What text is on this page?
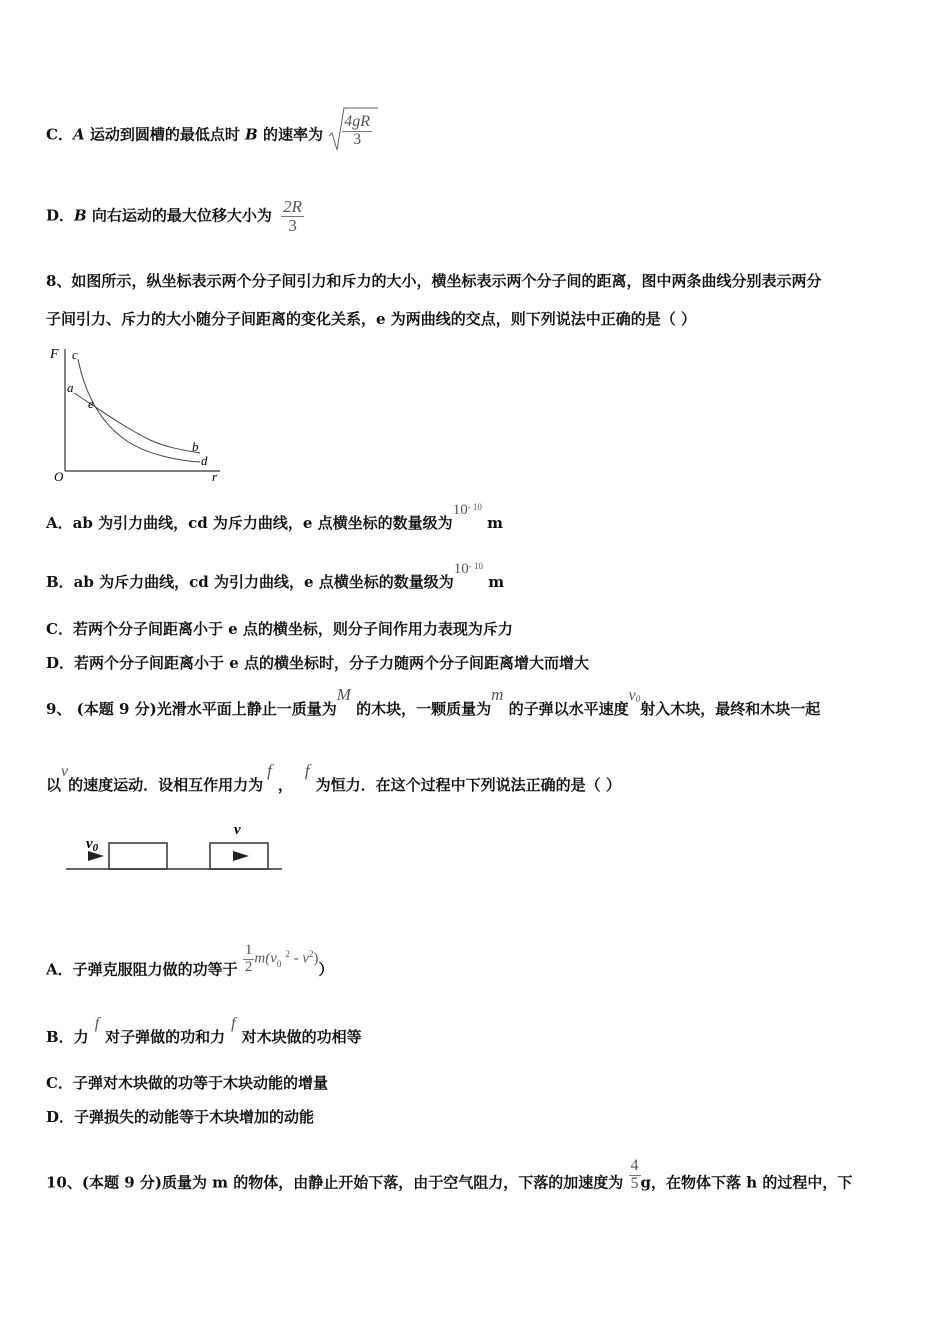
C．A 运动到圆槽的最低点时 B 的速率为 $\frac{4gR}{3}$
D．B 向右运动的最大位移大小为 $\frac{2R}{3}$
8、如图所示，纵坐标表示两个分子间引力和斥力的大小，横坐标表示两个分子间的距离，图中两条曲线分别表示两分
子间引力、斥力的大小随分子间距离的变化关系，e 为两曲线的交点，则下列说法中正确的是（ ）
F c
a
e
b
d
O	r
A．ab 为引力曲线，cd 为斥力曲线，e 点横坐标的数量级为$10^{- 10}$ m
B．ab 为斥力曲线，cd 为引力曲线，e 点横坐标的数量级为$10^{- 10}$ m
C．若两个分子间距离小于 e 点的横坐标，则分子间作用力表现为斥力
D．若两个分子间距离小于 e 点的横坐标时，分子力随两个分子间距离增大而增大
9、 (本题 9 分)光滑水平面上静止一质量为M 的木块，一颗质量为m 的子弹以水平速度v0射入木块，最终和木块一起
以v的速度运动．设相互作用力为f，f为恒力．在这个过程中下列说法正确的是（ ）
$v_0$
v
A．子弹克服阻力做的功等于 $\frac{1}{2} m(v_0^2 - v^2)$）
B．力f对子弹做的功和力f对木块做的功相等
C．子弹对木块做的功等于木块动能的增量
D．子弹损失的动能等于木块增加的动能
10、(本题 9 分)质量为 m 的物体，由静止开始下落，由于空气阻力，下落的加速度为 $\frac{4}{5}$ g，在物体下落 h 的过程中，下
